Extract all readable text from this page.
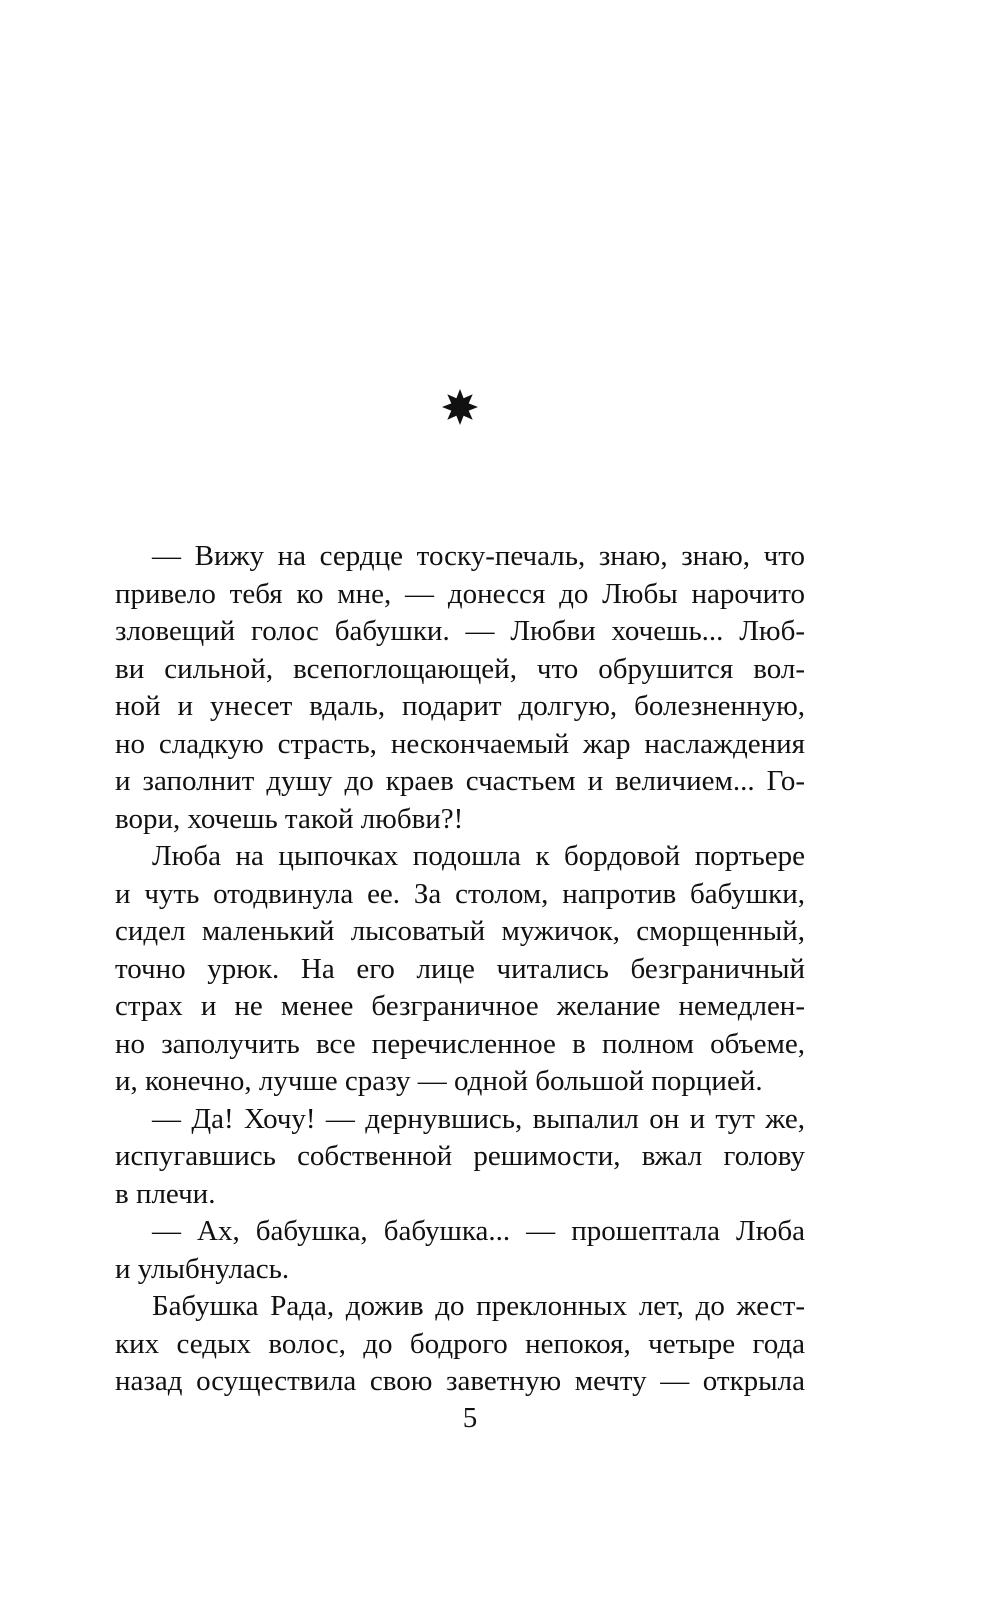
— Вижу на сердце тоску-печаль, знаю, знаю, что
привело тебя ко мне, — донесся до Любы нарочито
зловещий голос бабушки. — Любви хочешь... Люб-
ви сильной, всепоглощающей, что обрушится вол-
ной и унесет вдаль, подарит долгую, болезненную,
но сладкую страсть, нескончаемый жар наслаждения
и заполнит душу до краев счастьем и величием... Го-
вори, хочешь такой любви?!
Люба на цыпочках подошла к бордовой портьере
и чуть отодвинула ее. За столом, напротив бабушки,
сидел маленький лысоватый мужичок, сморщенный,
точно урюк. На его лице читались безграничный
страх и не менее безграничное желание немедлен-
но заполучить все перечисленное в полном объеме,
и, конечно, лучше сразу — одной большой порцией.
— Да! Хочу! — дернувшись, выпалил он и тут же,
испугавшись собственной решимости, вжал голову
в плечи.
— Ах, бабушка, бабушка... — прошептала Люба
и улыбнулась.
Бабушка Рада, дожив до преклонных лет, до жест-
ких седых волос, до бодрого непокоя, четыре года
назад осуществила свою заветную мечту — открыла
5
